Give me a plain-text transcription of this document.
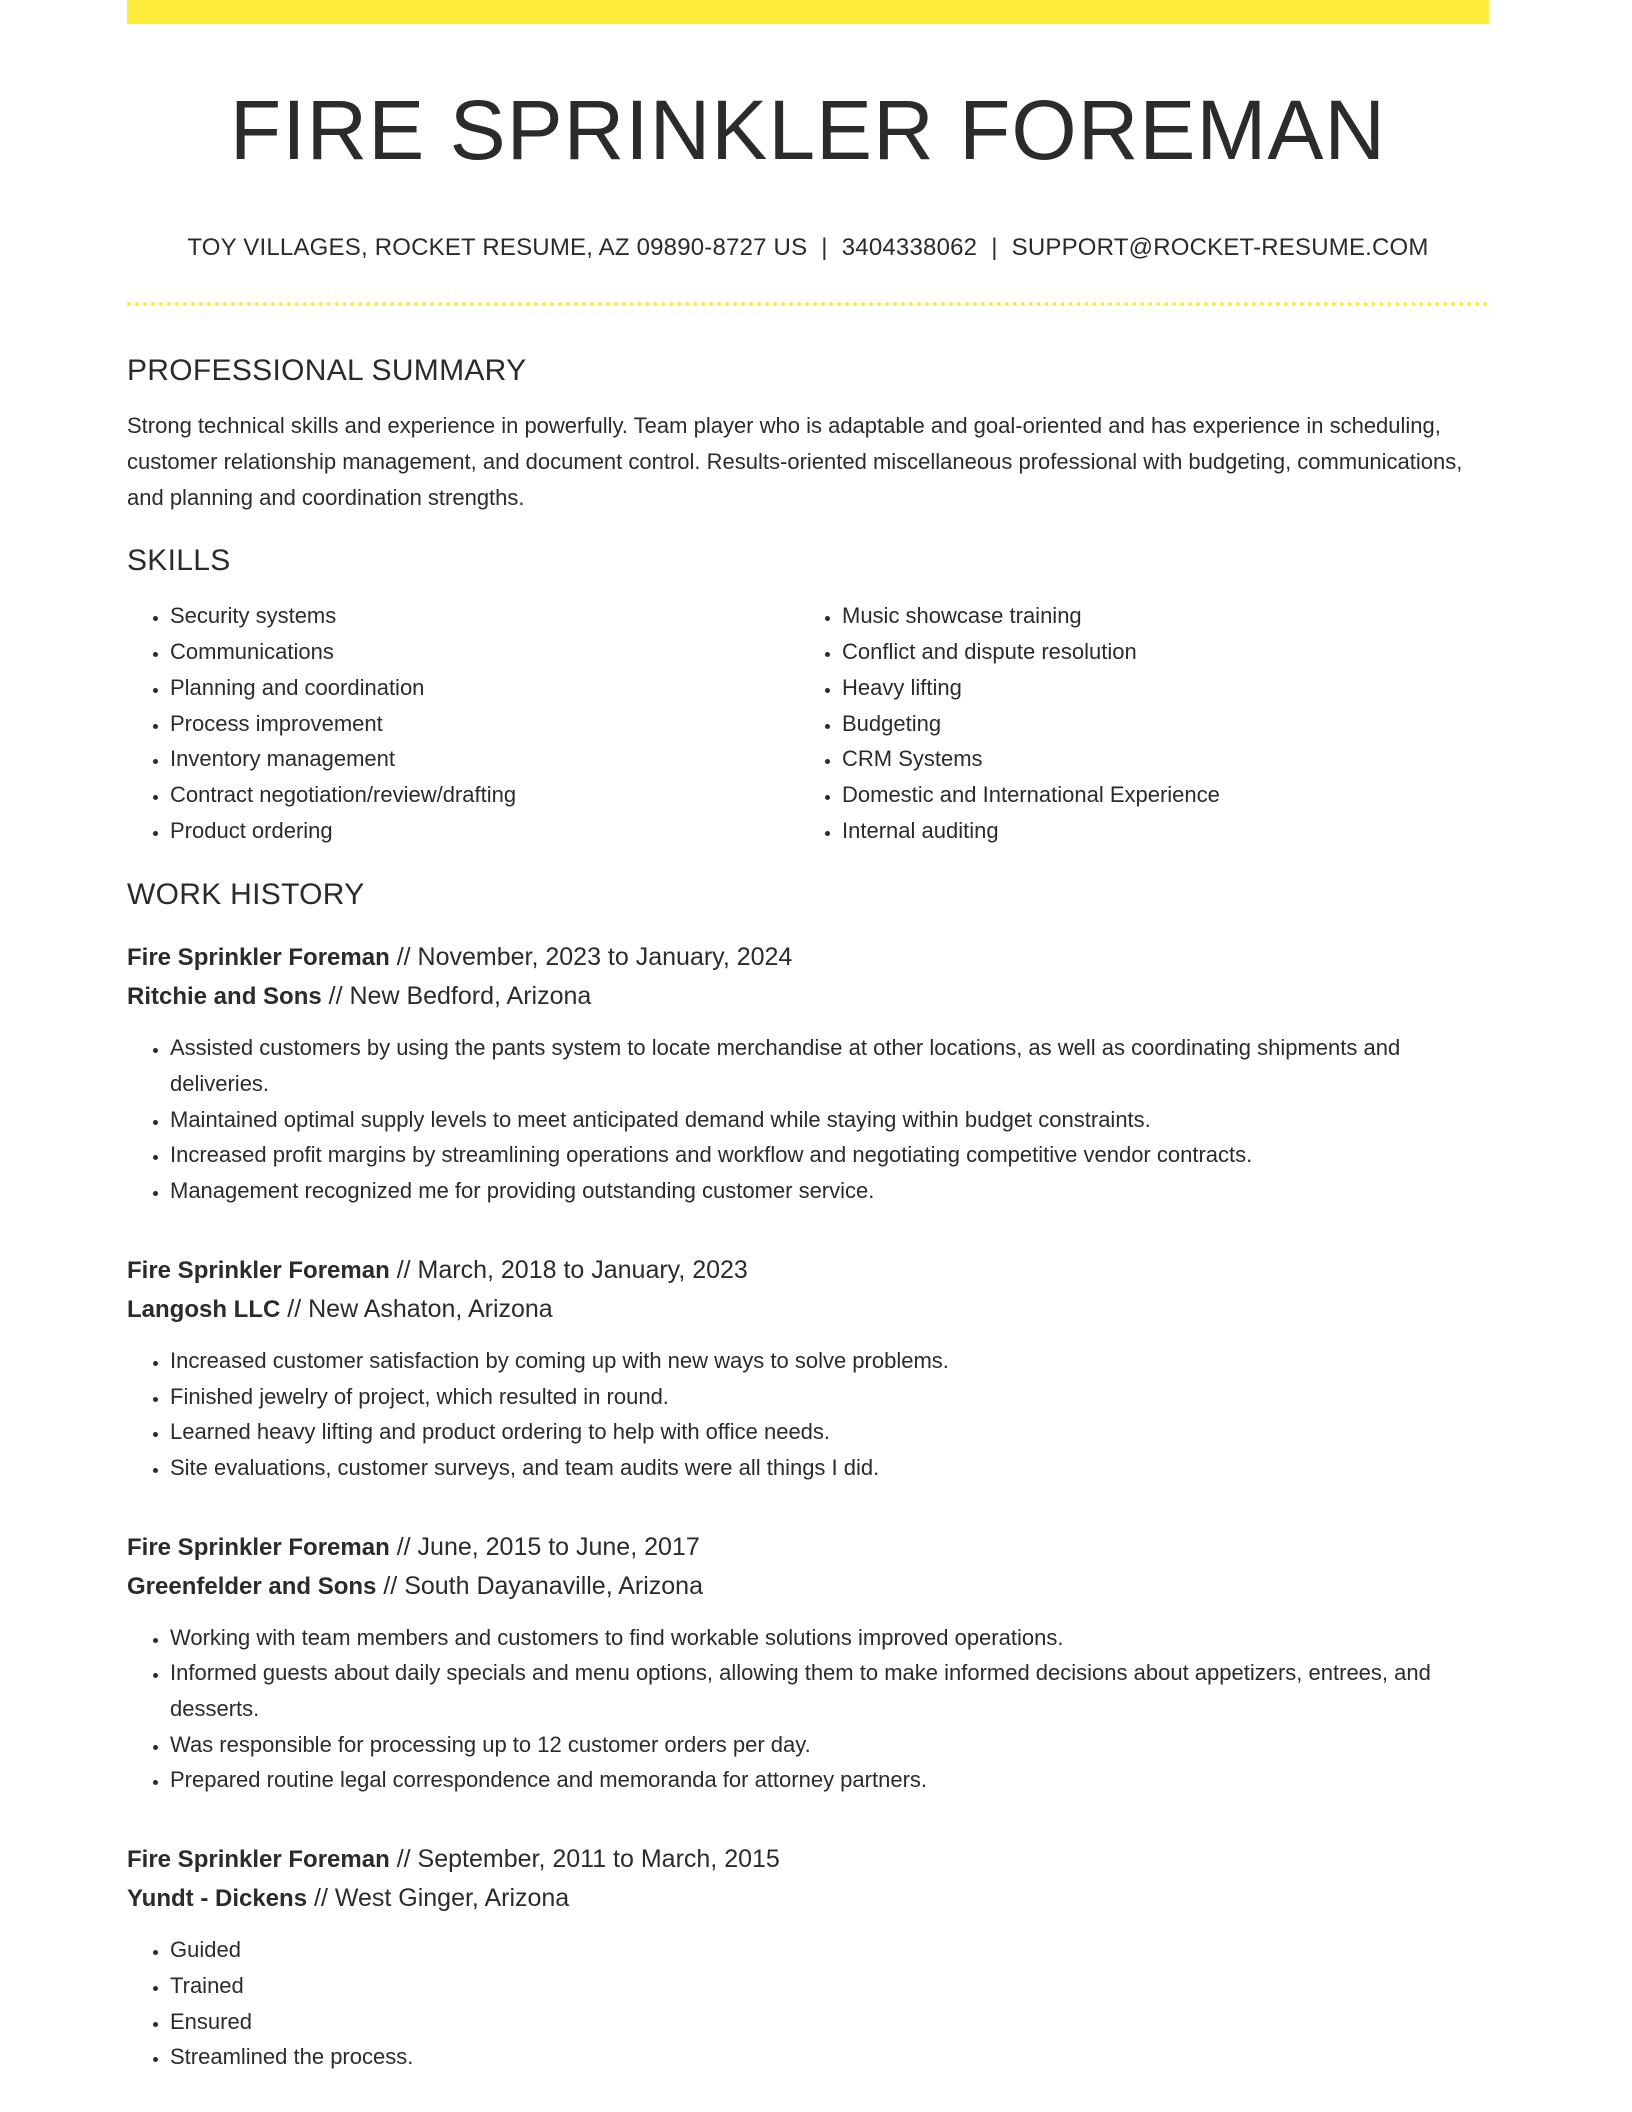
FIRE SPRINKLER FOREMAN
TOY VILLAGES, ROCKET RESUME, AZ 09890-8727 US | 3404338062 | SUPPORT@ROCKET-RESUME.COM
PROFESSIONAL SUMMARY
Strong technical skills and experience in powerfully. Team player who is adaptable and goal-oriented and has experience in scheduling, customer relationship management, and document control. Results-oriented miscellaneous professional with budgeting, communications, and planning and coordination strengths.
SKILLS
• Security systems
• Communications
• Planning and coordination
• Process improvement
• Inventory management
• Contract negotiation/review/drafting
• Product ordering
• Music showcase training
• Conflict and dispute resolution
• Heavy lifting
• Budgeting
• CRM Systems
• Domestic and International Experience
• Internal auditing
WORK HISTORY
Fire Sprinkler Foreman // November, 2023 to January, 2024
Ritchie and Sons // New Bedford, Arizona
• Assisted customers by using the pants system to locate merchandise at other locations, as well as coordinating shipments and deliveries.
• Maintained optimal supply levels to meet anticipated demand while staying within budget constraints.
• Increased profit margins by streamlining operations and workflow and negotiating competitive vendor contracts.
• Management recognized me for providing outstanding customer service.
Fire Sprinkler Foreman // March, 2018 to January, 2023
Langosh LLC // New Ashaton, Arizona
• Increased customer satisfaction by coming up with new ways to solve problems.
• Finished jewelry of project, which resulted in round.
• Learned heavy lifting and product ordering to help with office needs.
• Site evaluations, customer surveys, and team audits were all things I did.
Fire Sprinkler Foreman // June, 2015 to June, 2017
Greenfelder and Sons // South Dayanaville, Arizona
• Working with team members and customers to find workable solutions improved operations.
• Informed guests about daily specials and menu options, allowing them to make informed decisions about appetizers, entrees, and desserts.
• Was responsible for processing up to 12 customer orders per day.
• Prepared routine legal correspondence and memoranda for attorney partners.
Fire Sprinkler Foreman // September, 2011 to March, 2015
Yundt - Dickens // West Ginger, Arizona
• Guided
• Trained
• Ensured
• Streamlined the process.
